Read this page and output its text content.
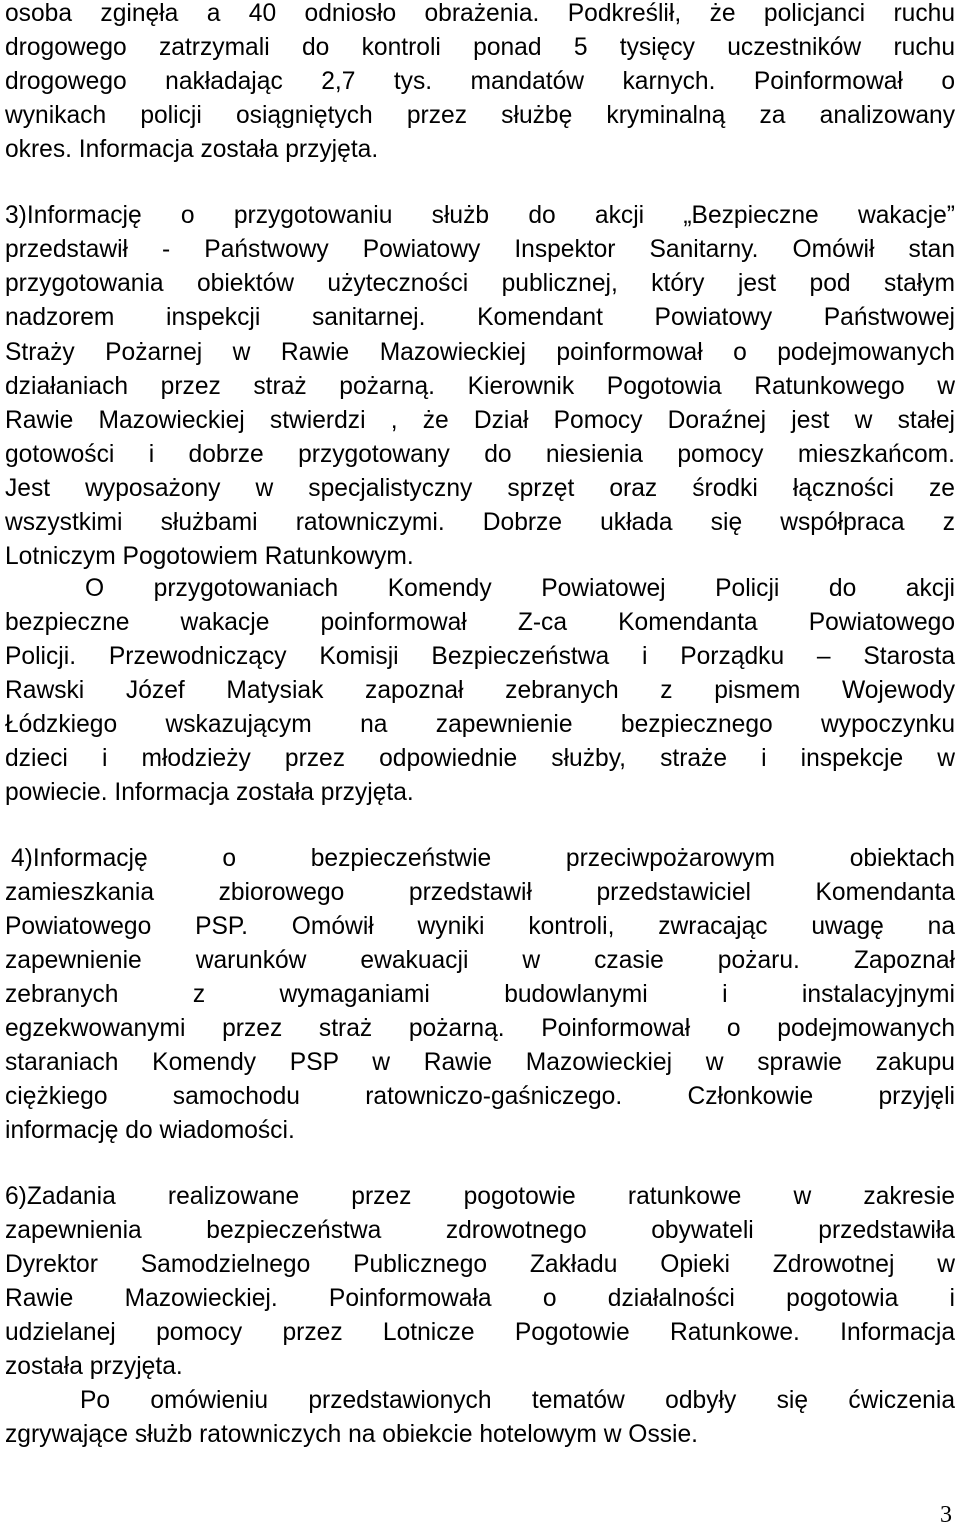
osoba zginęła a 40 odniosło obrażenia. Podkreślił, że policjanci ruchu
drogowego zatrzymali do kontroli ponad 5 tysięcy uczestników ruchu
drogowego nakładając 2,7 tys. mandatów karnych. Poinformował o
wynikach policji osiągniętych przez służbę kryminalną za analizowany
okres. Informacja została przyjęta.
3)Informację o przygotowaniu służb do akcji „Bezpieczne wakacje”
przedstawił - Państwowy Powiatowy Inspektor Sanitarny. Omówił stan
przygotowania obiektów użyteczności publicznej, który jest pod stałym
nadzorem inspekcji sanitarnej. Komendant Powiatowy Państwowej
Straży Pożarnej w Rawie Mazowieckiej poinformował o podejmowanych
działaniach przez straż pożarną. Kierownik Pogotowia Ratunkowego w
Rawie Mazowieckiej stwierdzi , że Dział Pomocy Doraźnej jest w stałej
gotowości i dobrze przygotowany do niesienia pomocy mieszkańcom.
Jest wyposażony w specjalistyczny sprzęt oraz środki łączności ze
wszystkimi służbami ratowniczymi. Dobrze układa się współpraca z
Lotniczym Pogotowiem Ratunkowym.
O przygotowaniach Komendy Powiatowej Policji do akcji
bezpieczne wakacje poinformował Z-ca Komendanta Powiatowego
Policji. Przewodniczący Komisji Bezpieczeństwa i Porządku – Starosta
Rawski Józef Matysiak zapoznał zebranych z pismem Wojewody
Łódzkiego wskazującym na zapewnienie bezpiecznego wypoczynku
dzieci i młodzieży przez odpowiednie służby, straże i inspekcje w
powiecie. Informacja została przyjęta.
4)Informację o bezpieczeństwie przeciwpożarowym obiektach
zamieszkania zbiorowego przedstawił przedstawiciel Komendanta
Powiatowego PSP. Omówił wyniki kontroli, zwracając uwagę na
zapewnienie warunków ewakuacji w czasie pożaru. Zapoznał
zebranych z wymaganiami budowlanymi i instalacyjnymi
egzekwowanymi przez straż pożarną. Poinformował o podejmowanych
staraniach Komendy PSP w Rawie Mazowieckiej w sprawie zakupu
ciężkiego samochodu ratowniczo-gaśniczego. Członkowie przyjęli
informację do wiadomości.
6)Zadania realizowane przez pogotowie ratunkowe w zakresie
zapewnienia bezpieczeństwa zdrowotnego obywateli przedstawiła
Dyrektor Samodzielnego Publicznego Zakładu Opieki Zdrowotnej w
Rawie Mazowieckiej. Poinformowała o działalności pogotowia i
udzielanej pomocy przez Lotnicze Pogotowie Ratunkowe. Informacja
została przyjęta.
Po omówieniu przedstawionych tematów odbyły się ćwiczenia
zgrywające służb ratowniczych na obiekcie hotelowym w Ossie.
3
